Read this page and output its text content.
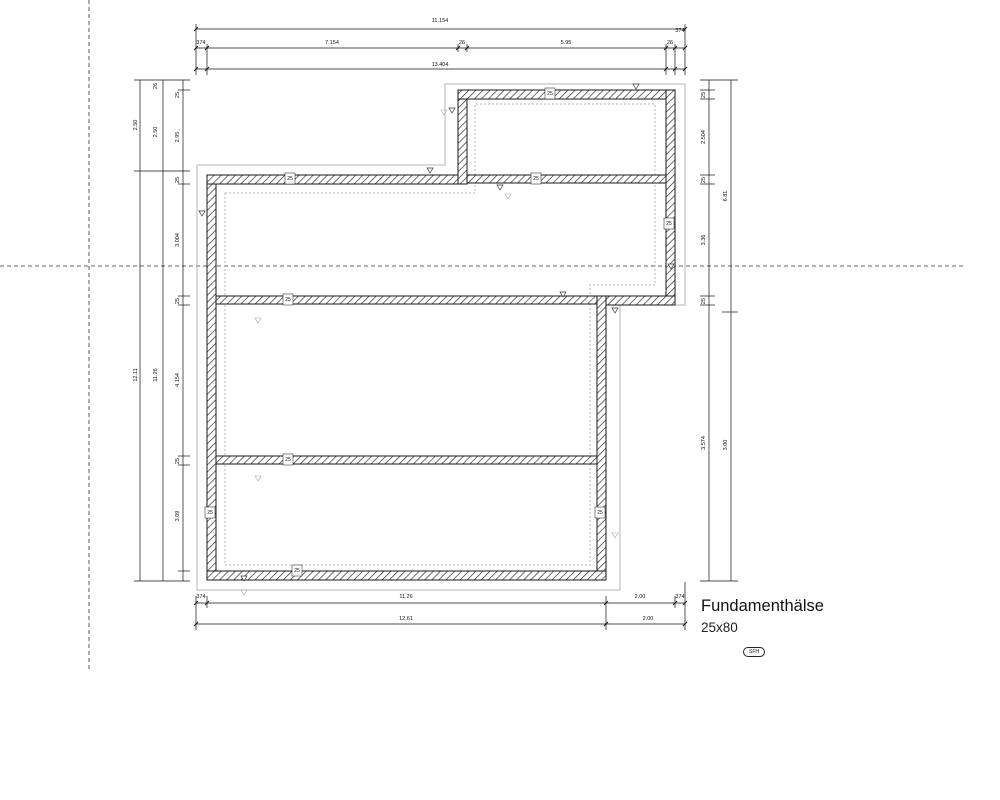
25	25
25
25
25
25
25	25
25
11.154
374	7.154	26	5.95	26
374
13.404
2.50
2.50
12.11	11.26
2.95
3.004
4.154
3.09
26
25
25
25
25
2.504
3.36
3.574
6.81
3.00
25
25
25
374	11.26	2.00	374
12.61	2.00
Fundamenthälse
25x80
SFH
